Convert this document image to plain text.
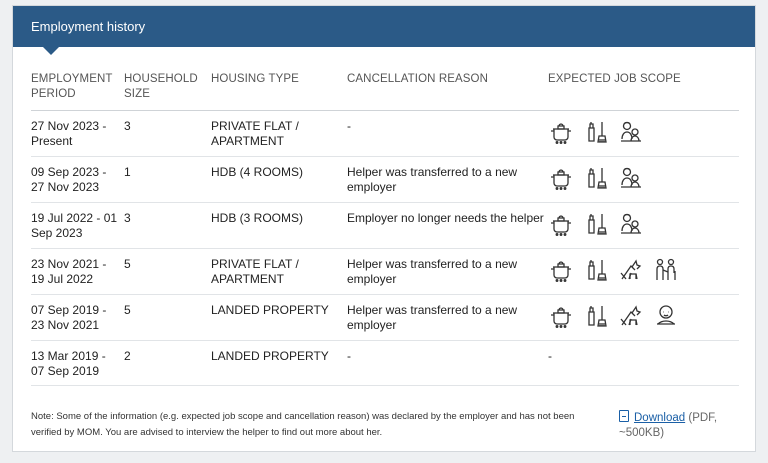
Employment history
EMPLOYMENT PERIOD	HOUSEHOLD SIZE	HOUSING TYPE	CANCELLATION REASON	EXPECTED JOB SCOPE
27 Nov 2023 - Present	3	PRIVATE FLAT / APARTMENT	-	

09 Sep 2023 - 27 Nov 2023	1	HDB (4 ROOMS)	Helper was transferred to a new employer	

19 Jul 2022 - 01 Sep 2023	3	HDB (3 ROOMS)	Employer no longer needs the helper	

23 Nov 2021 - 19 Jul 2022	5	PRIVATE FLAT / APARTMENT	Helper was transferred to a new employer	

07 Sep 2019 - 23 Nov 2021	5	LANDED PROPERTY	Helper was transferred to a new employer	

13 Mar 2019 - 07 Sep 2019	2	LANDED PROPERTY	-	-

Note: Some of the information (e.g. expected job scope and cancellation reason) was declared by the employer and has not been verified by MOM. You are advised to interview the helper to find out more about her.

Download (PDF, ~500KB)
